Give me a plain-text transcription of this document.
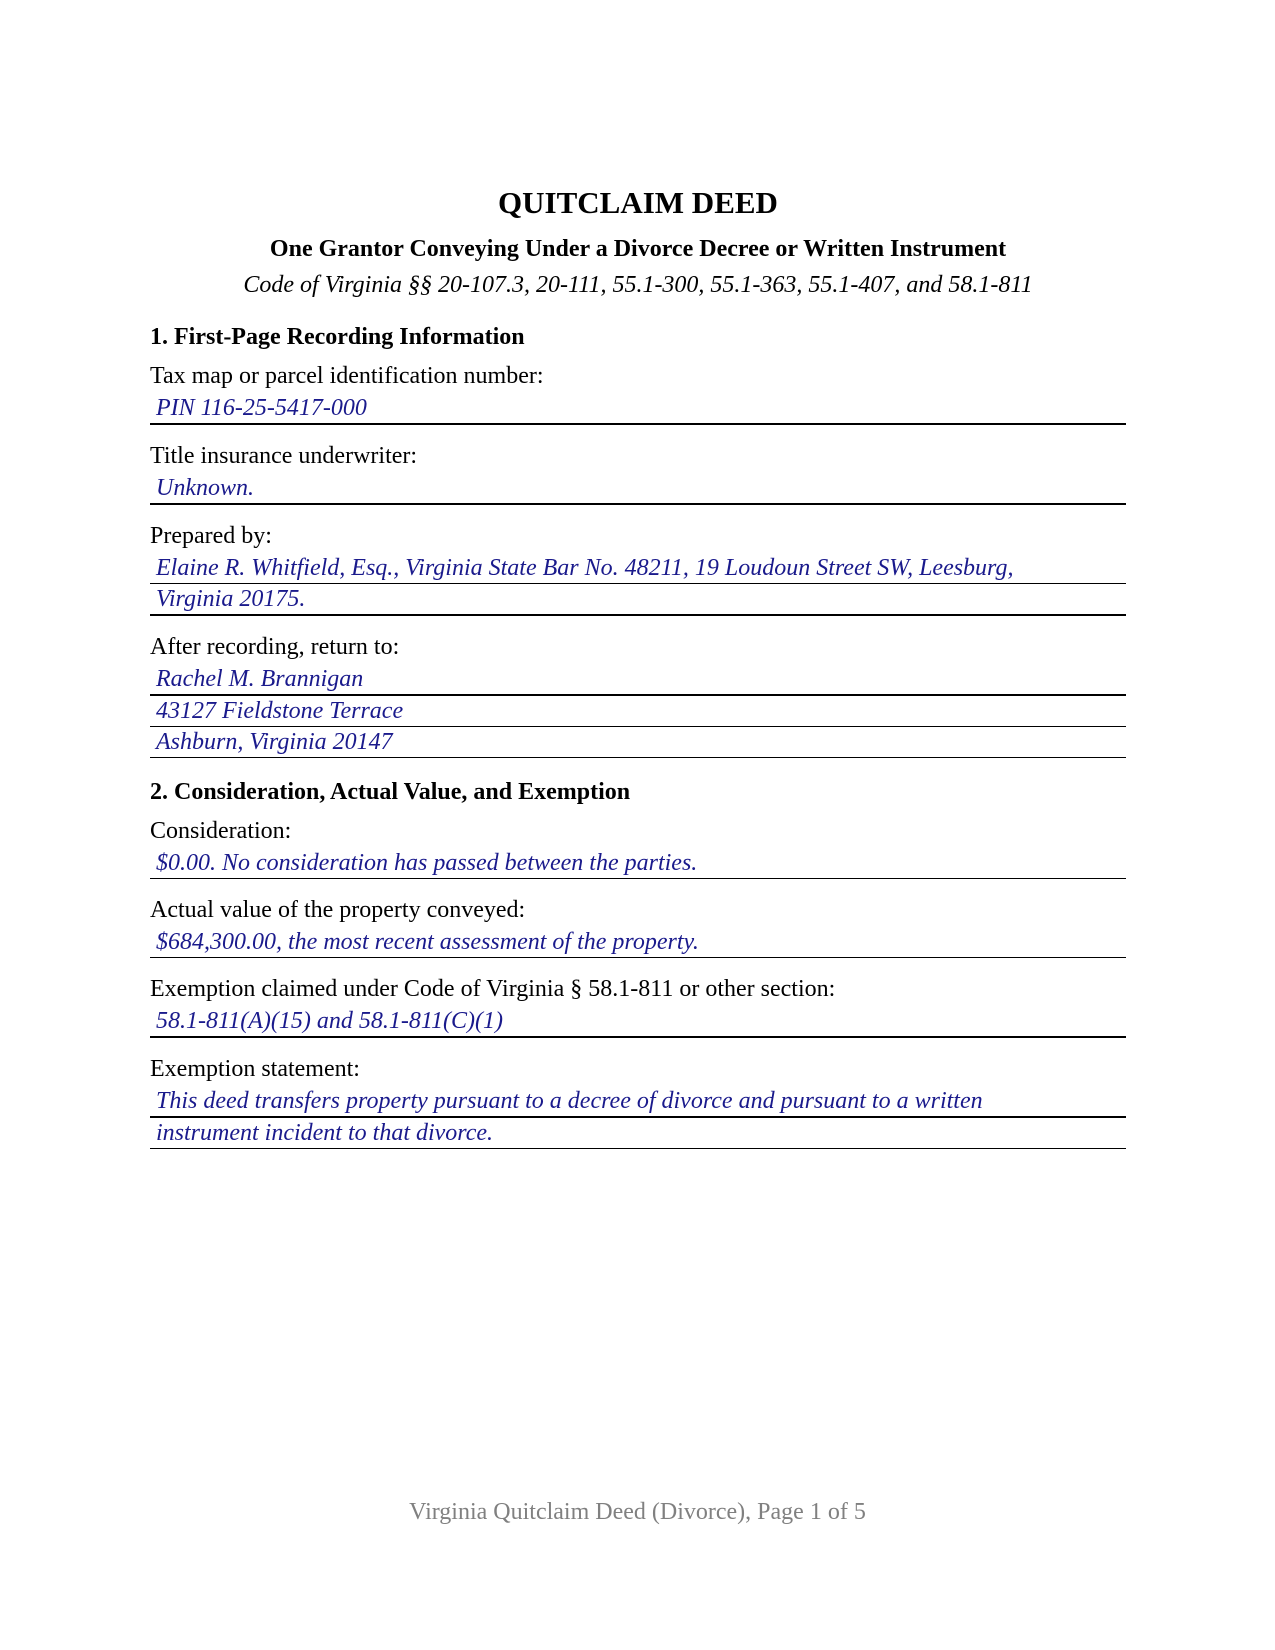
QUITCLAIM DEED
One Grantor Conveying Under a Divorce Decree or Written Instrument
Code of Virginia §§ 20-107.3, 20-111, 55.1-300, 55.1-363, 55.1-407, and 58.1-811
1. First-Page Recording Information
Tax map or parcel identification number:
PIN 116-25-5417-000
Title insurance underwriter:
Unknown.
Prepared by:
Elaine R. Whitfield, Esq., Virginia State Bar No. 48211, 19 Loudoun Street SW, Leesburg,
Virginia 20175.
After recording, return to:
Rachel M. Brannigan
43127 Fieldstone Terrace
Ashburn, Virginia 20147
2. Consideration, Actual Value, and Exemption
Consideration:
$0.00. No consideration has passed between the parties.
Actual value of the property conveyed:
$684,300.00, the most recent assessment of the property.
Exemption claimed under Code of Virginia § 58.1-811 or other section:
58.1-811(A)(15) and 58.1-811(C)(1)
Exemption statement:
This deed transfers property pursuant to a decree of divorce and pursuant to a written
instrument incident to that divorce.
Virginia Quitclaim Deed (Divorce), Page 1 of 5
